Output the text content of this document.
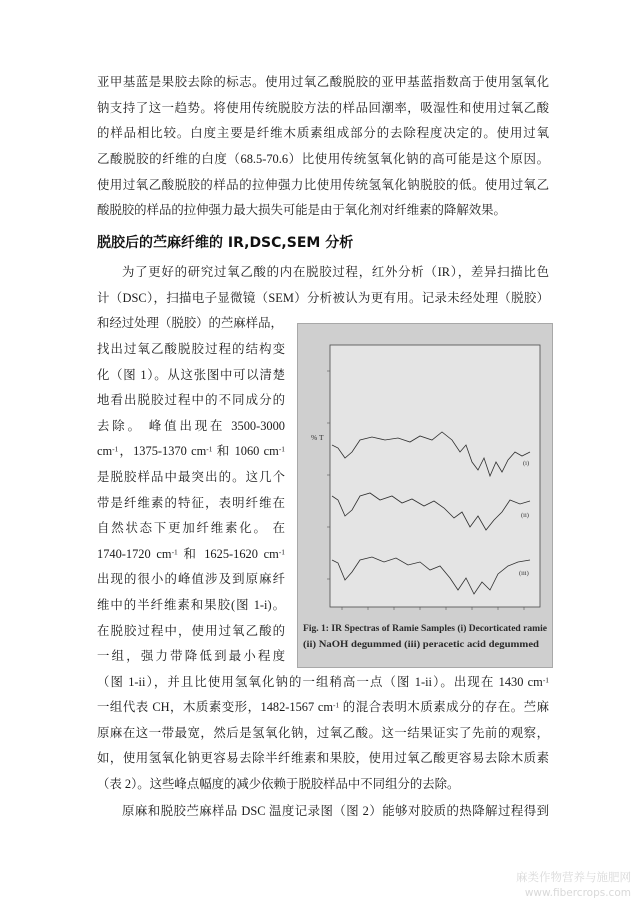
亚甲基蓝是果胶去除的标志。使用过氧乙酸脱胶的亚甲基蓝指数高于使用氢氧化
钠支持了这一趋势。将使用传统脱胶方法的样品回潮率，吸湿性和使用过氧乙酸
的样品相比较。白度主要是纤维木质素组成部分的去除程度决定的。使用过氧
乙酸脱胶的纤维的白度（68.5-70.6）比使用传统氢氧化钠的高可能是这个原因。
使用过氧乙酸脱胶的样品的拉伸强力比使用传统氢氧化钠脱胶的低。使用过氧乙
酸脱胶的样品的拉伸强力最大损失可能是由于氧化剂对纤维素的降解效果。
脱胶后的苎麻纤维的 IR,DSC,SEM 分析
为了更好的研究过氧乙酸的内在脱胶过程，红外分析（IR），差异扫描比色
计（DSC），扫描电子显微镜（SEM）分析被认为更有用。记录未经处理（脱胶）
和经过处理（脱胶）的苎麻样品，
找出过氧乙酸脱胶过程的结构变
化（图 1）。从这张图中可以清楚
地看出脱胶过程中的不同成分的
去除。 峰值出现在 3500-3000
$cm^{-1}$，1375-1370 $cm^{-1}$ 和 1060 $cm^{-1}$
是脱胶样品中最突出的。这几个
带是纤维素的特征，表明纤维在
自然状态下更加纤维素化。 在
1740-1720 $cm^{-1}$ 和 1625-1620 $cm^{-1}$
出现的很小的峰值涉及到原麻纤
维中的半纤维素和果胶(图 1-i)。
在脱胶过程中，使用过氧乙酸的
一组，强力带降低到最小程度
（图 1-ii），并且比使用氢氧化钠的一组稍高一点（图 1-ii）。出现在 1430 $cm^{-1}$
一组代表 CH，木质素变形，1482-1567 $cm^{-1}$ 的混合表明木质素成分的存在。苎麻
原麻在这一带最宽，然后是氢氧化钠，过氧乙酸。这一结果证实了先前的观察，
如，使用氢氧化钠更容易去除半纤维素和果胶，使用过氧乙酸更容易去除木质素
（表 2）。这些峰点幅度的减少依赖于脱胶样品中不同组分的去除。
原麻和脱胶苎麻样品 DSC 温度记录图（图 2）能够对胶质的热降解过程得到
% T
(i)
(ii)
(iii)
Fig. 1: IR Spectras of Ramie Samples (i) Decorticated ramie
(ii) NaOH degummed (iii) peracetic acid degummed
麻类作物营养与施肥网
www.fibercrops.com
